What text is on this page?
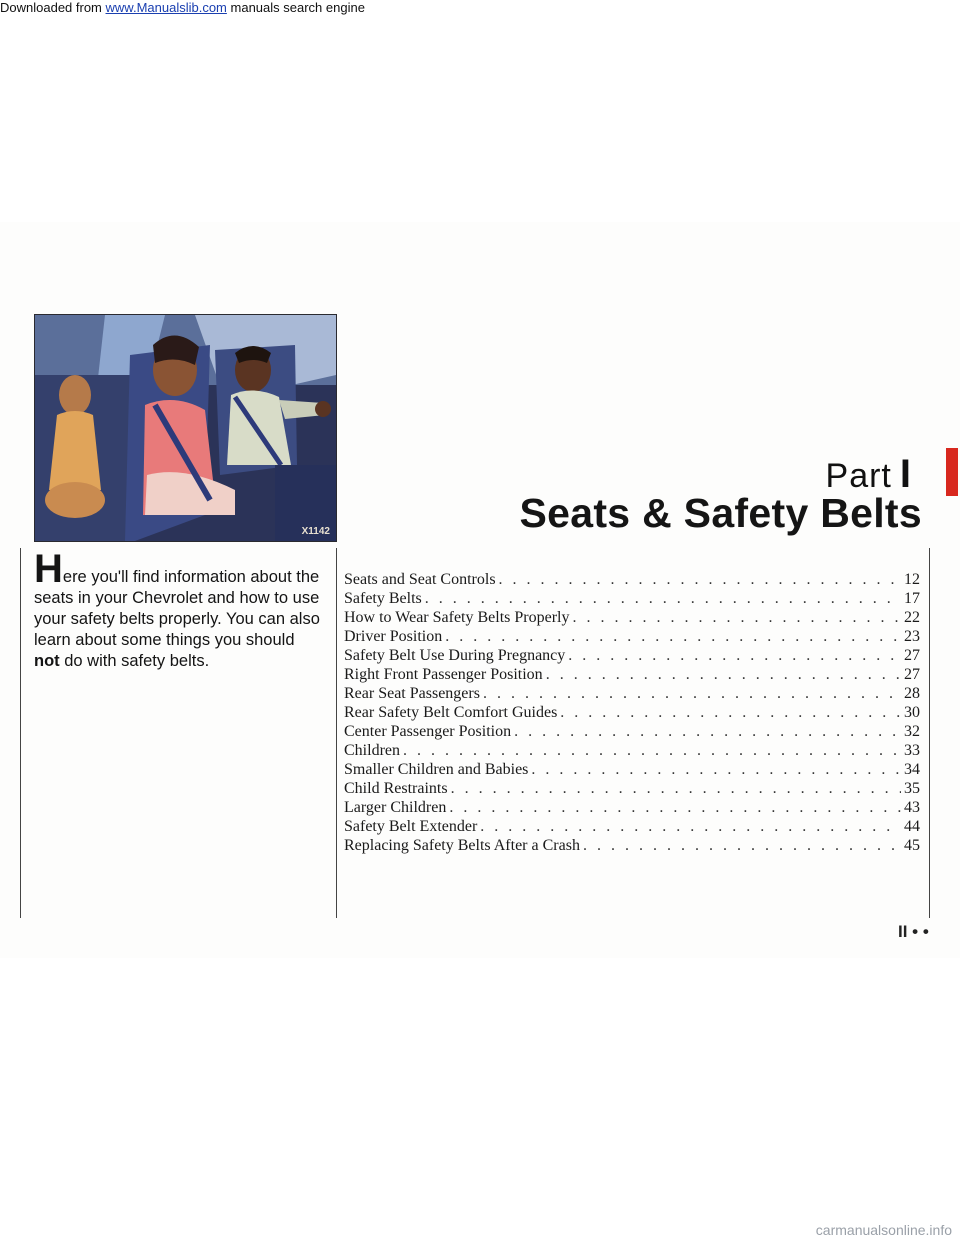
Downloaded from www.Manualslib.com manuals search engine
X1142
Here you'll find information about the seats in your Chevrolet and how to use your safety belts properly. You can also learn about some things you should not do with safety belts.
Part I
Seats & Safety Belts
Seats and Seat Controls . . .	12
Safety Belts . . .	17
How to Wear Safety Belts Properly . . .	22
Driver Position . . .	23
Safety Belt Use During Pregnancy . . .	27
Right Front Passenger Position . . .	27
Rear Seat Passengers . . .	28
Rear Safety Belt Comfort Guides . . .	30
Center Passenger Position . . .	32
Children . . .	33
Smaller Children and Babies . . .	34
Child Restraints . . .	35
Larger Children . . .	43
Safety Belt Extender . . .	44
Replacing Safety Belts After a Crash . . .	45
II • •
carmanualsonline.info
